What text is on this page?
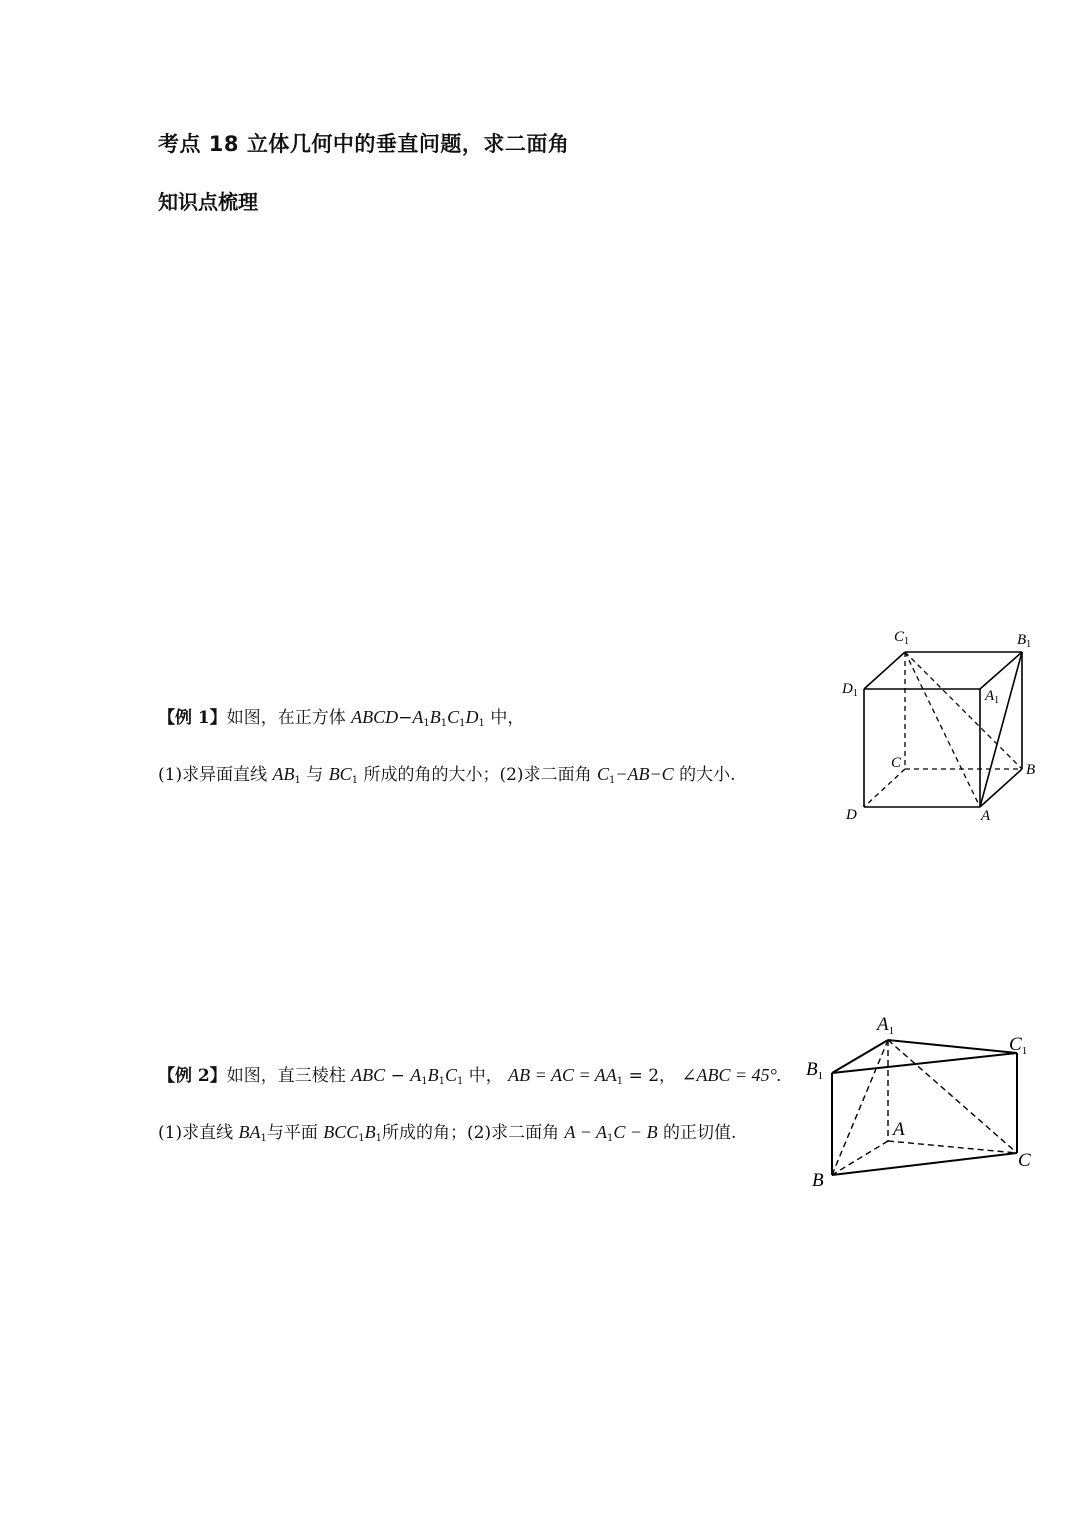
考点 18 立体几何中的垂直问题，求二面角
知识点梳理
【例 1】如图，在正方体 $ABCD-A_1B_1C_1D_1$ 中，
(1)求异面直线 $AB_1$ 与 $BC_1$ 所成的角的大小；(2)求二面角 $C_1-AB-C$ 的大小.
$C_1$	$B_1$
$D_1$	$A_1$
C	B
D	A
【例 2】如图，直三棱柱 ABC − $A_1B_1C_1$ 中， AB = AC = $AA_1 = 2$， ∠ABC = 45°.
(1)求直线 $BA_1$与平面 $BCC_1B_1$所成的角；(2)求二面角 $A - A_1C - B$ 的正切值.
$A_1$
$C_1$
$B_1$
A
C
B
